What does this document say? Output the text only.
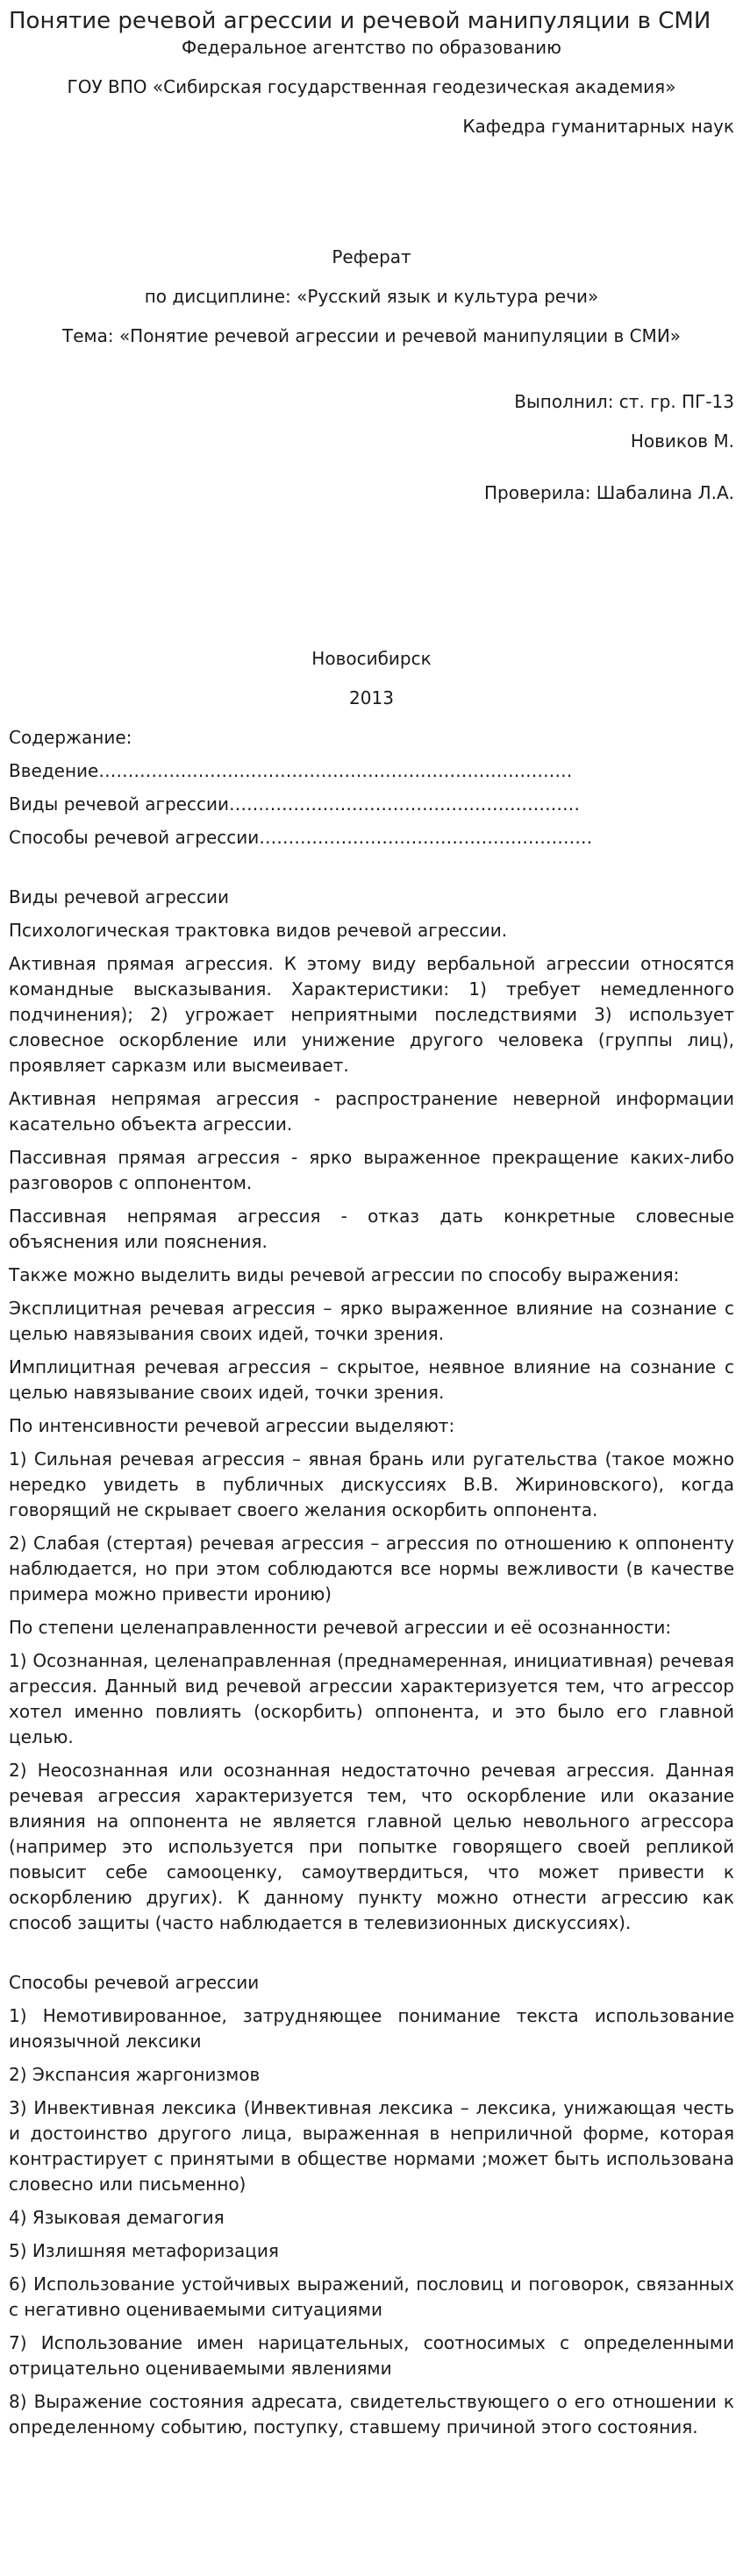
Понятие речевой агрессии и речевой манипуляции в СМИ

Федеральное агентство по образованию

ГОУ ВПО «Сибирская государственная геодезическая академия»

Кафедра гуманитарных наук

Реферат

по дисциплине: «Русский язык и культура речи»

Тема: «Понятие речевой агрессии и речевой манипуляции в СМИ»

Выполнил: ст. гр. ПГ-13

Новиков М.

Проверила: Шабалина Л.А.

Новосибирск

2013

Содержание:

Введение………………………………………………………………………

Виды речевой агрессии……………………………………………………

Способы речевой агрессии…………………………………………………

Виды речевой агрессии

Психологическая трактовка видов речевой агрессии.

Активная прямая агрессия. К этому виду вербальной агрессии относятся командные высказывания. Характеристики: 1) требует немедленного подчинения); 2) угрожает неприятными последствиями 3) использует словесное оскорбление или унижение другого человека (группы лиц), проявляет сарказм или высмеивает.

Активная непрямая агрессия - распространение неверной информации касательно объекта агрессии.

Пассивная прямая агрессия - ярко выраженное прекращение каких-либо разговоров с оппонентом.

Пассивная непрямая агрессия - отказ дать конкретные словесные объяснения или пояснения.

Также можно выделить виды речевой агрессии по способу выражения:

Эксплицитная речевая агрессия – ярко выраженное влияние на сознание с целью навязывания своих идей, точки зрения.

Имплицитная речевая агрессия – скрытое, неявное влияние на сознание с целью навязывание своих идей, точки зрения.

По интенсивности речевой агрессии выделяют:

1) Сильная речевая агрессия – явная брань или ругательства (такое можно нередко увидеть в публичных дискуссиях В.В. Жириновского), когда говорящий не скрывает своего желания оскорбить оппонента.

2) Слабая (стертая) речевая агрессия – агрессия по отношению к оппоненту наблюдается, но при этом соблюдаются все нормы вежливости (в качестве примера можно привести иронию)

По степени целенаправленности речевой агрессии и её осознанности:

1) Осознанная, целенаправленная (преднамеренная, инициативная) речевая агрессия. Данный вид речевой агрессии характеризуется тем, что агрессор хотел именно повлиять (оскорбить) оппонента, и это было его главной целью.

2) Неосознанная или осознанная недостаточно речевая агрессия. Данная речевая агрессия характеризуется тем, что оскорбление или оказание влияния на оппонента не является главной целью невольного агрессора (например это используется при попытке говорящего своей репликой повысит себе самооценку, самоутвердиться, что может привести к оскорблению других). К данному пункту можно отнести агрессию как способ защиты (часто наблюдается в телевизионных дискуссиях).

Способы речевой агрессии

1) Немотивированное, затрудняющее понимание текста использование иноязычной лексики

2) Экспансия жаргонизмов

3) Инвективная лексика (Инвективная лексика – лексика, унижающая честь и достоинство другого лица, выраженная в неприличной форме, которая контрастирует с принятыми в обществе нормами ;может быть использована словесно или письменно)

4) Языковая демагогия

5) Излишняя метафоризация

6) Использование устойчивых выражений, пословиц и поговорок, связанных с негативно оцениваемыми ситуациями

7) Использование имен нарицательных, соотносимых с определенными отрицательно оцениваемыми явлениями

8) Выражение состояния адресата, свидетельствующего о его отношении к определенному событию, поступку, ставшему причиной этого состояния.
